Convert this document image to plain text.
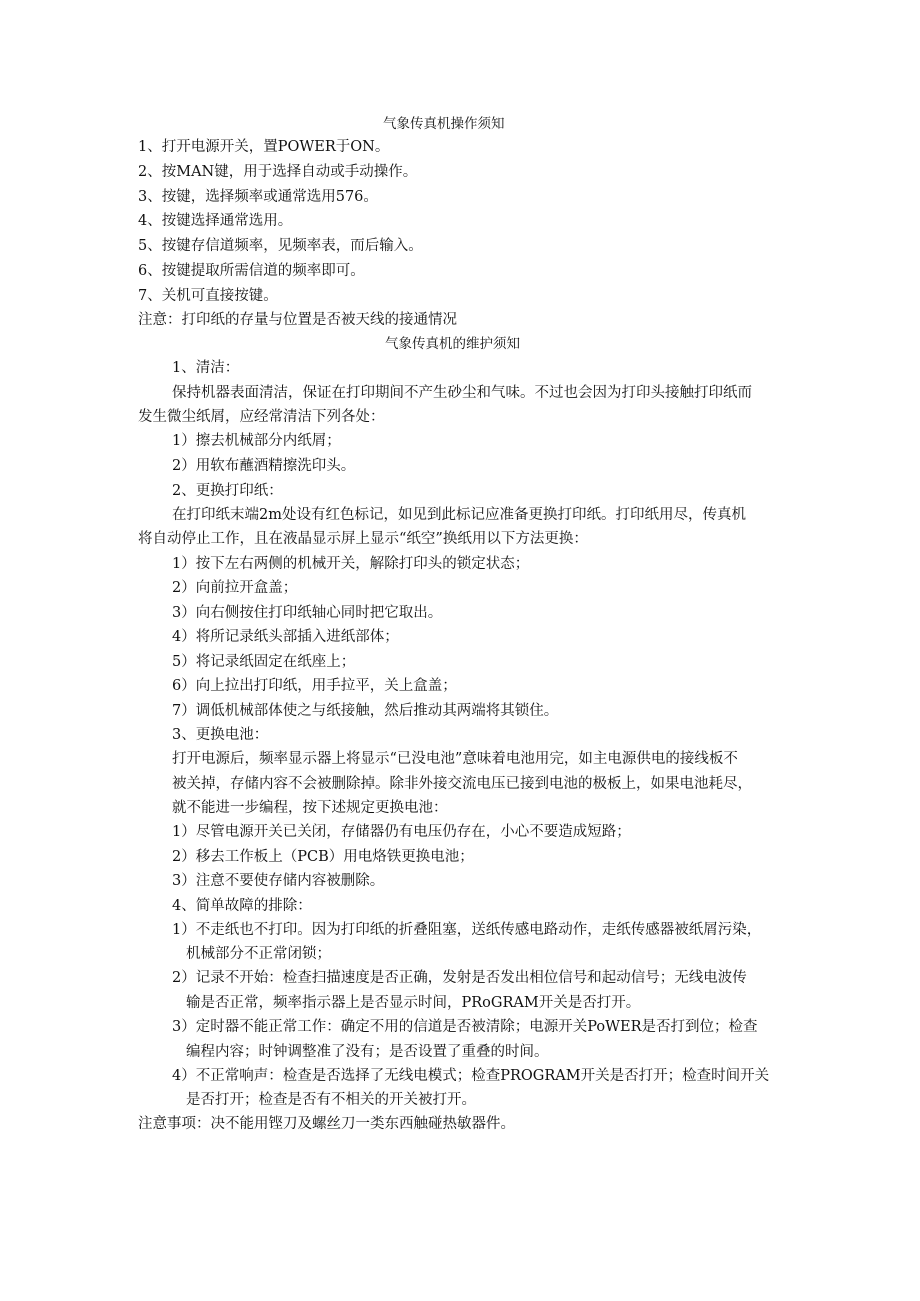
气象传真机操作须知
1、打开电源开关，置POWER于ON。
2、按MAN键，用于选择自动或手动操作。
3、按键，选择频率或通常选用576。
4、按键选择通常选用。
5、按键存信道频率，见频率表，而后输入。
6、按键提取所需信道的频率即可。
7、关机可直接按键。
注意：打印纸的存量与位置是否被天线的接通情况
气象传真机的维护须知
1、清洁：
保持机器表面清洁，保证在打印期间不产生砂尘和气味。不过也会因为打印头接触打印纸而
发生微尘纸屑，应经常清洁下列各处：
1）擦去机械部分内纸屑；
2）用软布蘸酒精擦洗印头。
2、更换打印纸：
在打印纸末端2m处设有红色标记，如见到此标记应准备更换打印纸。打印纸用尽，传真机
将自动停止工作，且在液晶显示屏上显示“纸空”换纸用以下方法更换：
1）按下左右两侧的机械开关，解除打印头的锁定状态；
2）向前拉开盒盖；
3）向右侧按住打印纸轴心同时把它取出。
4）将所记录纸头部插入进纸部体；
5）将记录纸固定在纸座上；
6）向上拉出打印纸，用手拉平，关上盒盖；
7）调低机械部体使之与纸接触，然后推动其两端将其锁住。
3、更换电池：
打开电源后，频率显示器上将显示“已没电池”意味着电池用完，如主电源供电的接线板不
被关掉，存储内容不会被删除掉。除非外接交流电压已接到电池的极板上，如果电池耗尽，
就不能进一步编程，按下述规定更换电池：
1）尽管电源开关已关闭，存储器仍有电压仍存在，小心不要造成短路；
2）移去工作板上（PCB）用电烙铁更换电池；
3）注意不要使存储内容被删除。
4、简单故障的排除：
1）不走纸也不打印。因为打印纸的折叠阻塞，送纸传感电路动作，走纸传感器被纸屑污染，
机械部分不正常闭锁；
2）记录不开始：检查扫描速度是否正确，发射是否发出相位信号和起动信号；无线电波传
输是否正常，频率指示器上是否显示时间，PRoGRAM开关是否打开。
3）定时器不能正常工作：确定不用的信道是否被清除；电源开关PoWER是否打到位；检查
编程内容；时钟调整准了没有；是否设置了重叠的时间。
4）不正常响声：检查是否选择了无线电模式；检查PROGRAM开关是否打开；检查时间开关
是否打开；检查是否有不相关的开关被打开。
注意事项：决不能用铿刀及螺丝刀一类东西触碰热敏器件。
